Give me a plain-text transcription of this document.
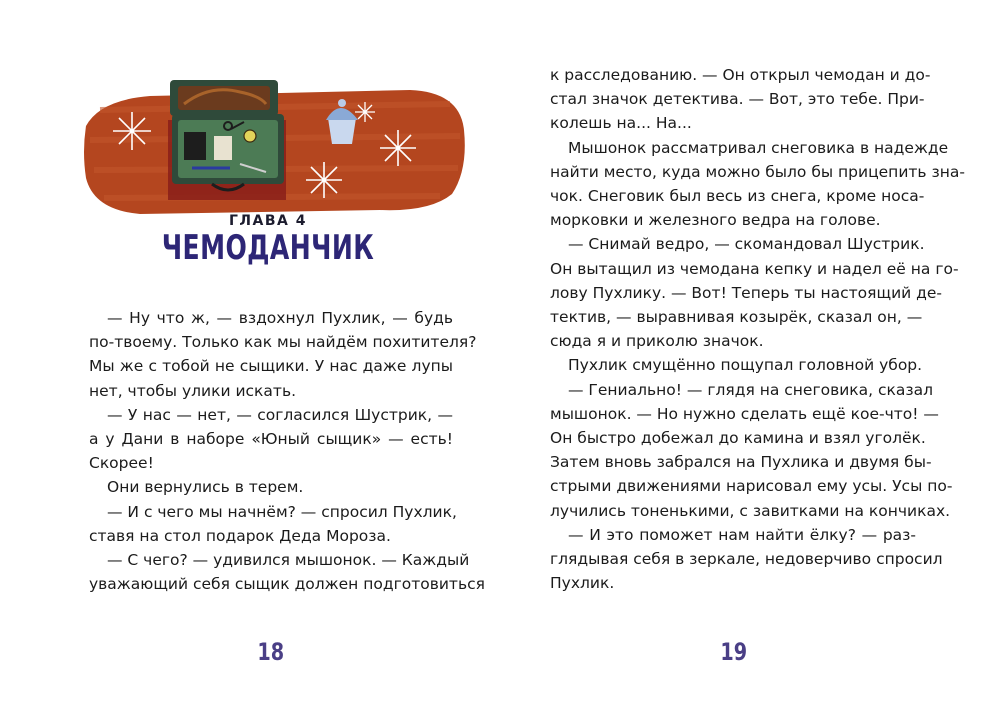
ГЛАВА 4
ЧЕМОДАНЧИК
— Ну что ж, — вздохнул Пухлик, — будь
по-твоему. Только как мы найдём похитителя?
Мы же с тобой не сыщики. У нас даже лупы
нет, чтобы улики искать.
— У нас — нет, — согласился Шустрик, —
а у Дани в наборе «Юный сыщик» — есть!
Скорее!
Они вернулись в терем.
— И с чего мы начнём? — спросил Пухлик,
ставя на стол подарок Деда Мороза.
— С чего? — удивился мышонок. — Каждый
уважающий себя сыщик должен подготовиться
18
к расследованию. — Он открыл чемодан и до-
стал значок детектива. — Вот, это тебе. При-
колешь на... На...
Мышонок рассматривал снеговика в надежде
найти место, куда можно было бы прицепить зна-
чок. Снеговик был весь из снега, кроме носа-
морковки и железного ведра на голове.
— Снимай ведро, — скомандовал Шустрик.
Он вытащил из чемодана кепку и надел её на го-
лову Пухлику. — Вот! Теперь ты настоящий де-
тектив, — выравнивая козырёк, сказал он, —
сюда я и приколю значок.
Пухлик смущённо пощупал головной убор.
— Гениально! — глядя на снеговика, сказал
мышонок. — Но нужно сделать ещё кое-что! —
Он быстро добежал до камина и взял уголёк.
Затем вновь забрался на Пухлика и двумя бы-
стрыми движениями нарисовал ему усы. Усы по-
лучились тоненькими, с завитками на кончиках.
— И это поможет нам найти ёлку? — раз-
глядывая себя в зеркале, недоверчиво спросил
Пухлик.
19
